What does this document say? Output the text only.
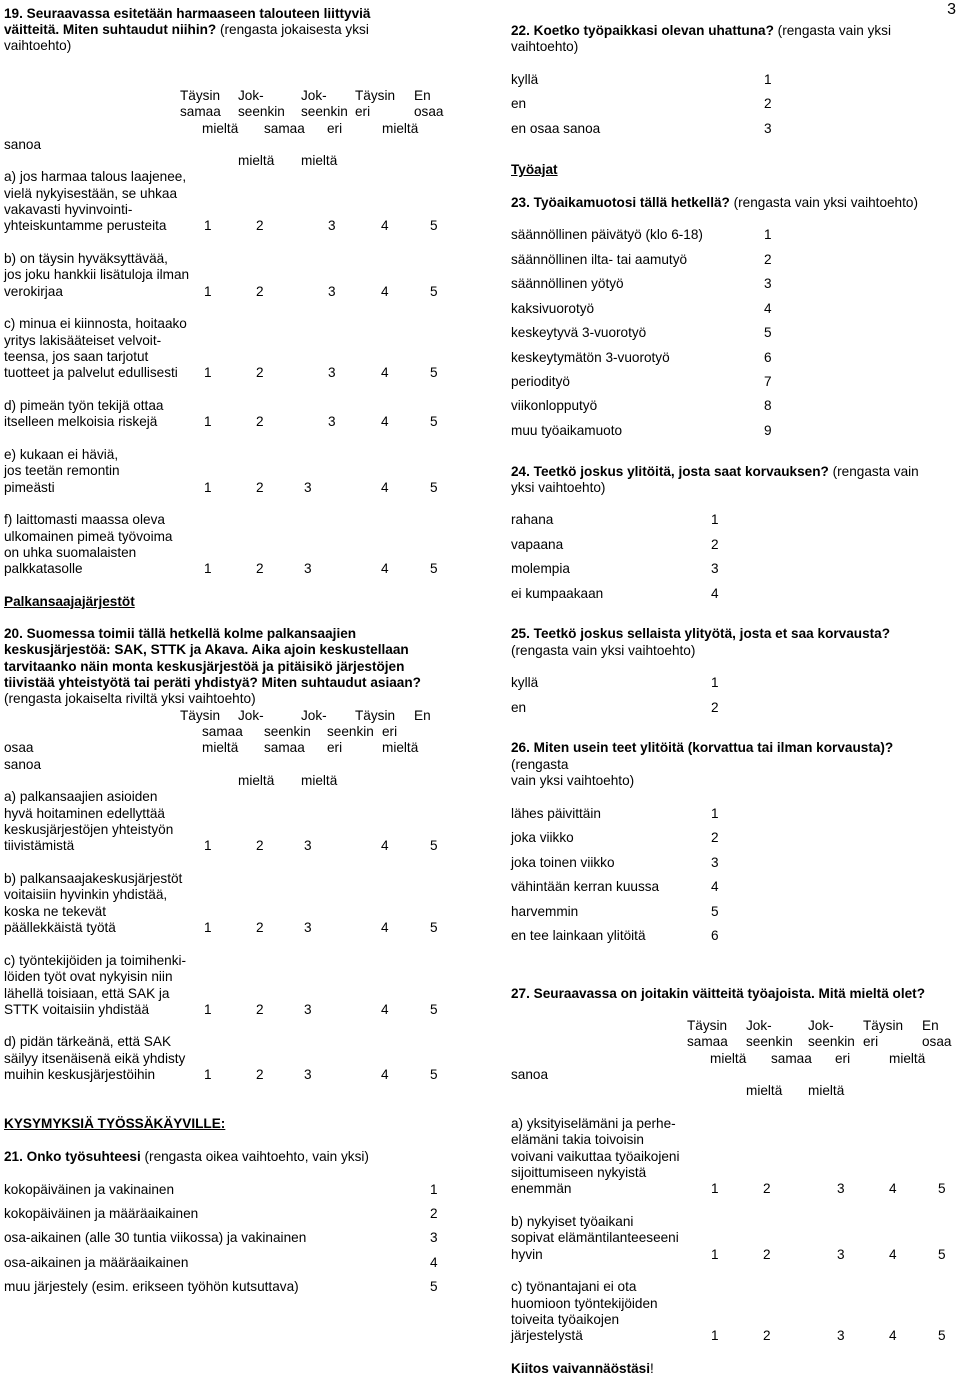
3
19. Seuraavassa esitetään harmaaseen talouteen liittyviä
väitteitä. Miten suhtaudut niihin? (rengasta jokaisesta yksi
vaihtoehto)
Täysin Jok-	Jok- Täysin En
samaa seenkin seenkin eri	osaa
mieltä samaa eri	mieltä
sanoa
mieltä mieltä
a) jos harmaa talous laajenee,
vielä nykyisestään, se uhkaa
vakavasti hyvinvointi-
yhteiskuntamme perusteita	1	2	3	4	5
b) on täysin hyväksyttävää,
jos joku hankkii lisätuloja ilman
verokirjaa	1	2	3	4	5
c) minua ei kiinnosta, hoitaako
yritys lakisääteiset velvoit-
teensa, jos saan tarjotut
tuotteet ja palvelut edullisesti 1	2	3	4	5
d) pimeän työn tekijä ottaa
itselleen melkoisia riskejä	1	2	3	4	5
e) kukaan ei häviä,
jos teetän remontin
pimeästi	1	2	3	4	5
f) laittomasti maassa oleva
ulkomainen pimeä työvoima
on uhka suomalaisten
palkkatasolle	1	2	3	4	5
Palkansaajajärjestöt
20. Suomessa toimii tällä hetkellä kolme palkansaajien
keskusjärjestöä: SAK, STTK ja Akava. Aika ajoin keskustellaan
tarvitaanko näin monta keskusjärjestöä ja pitäisikö järjestöjen
tiivistää yhteistyötä tai peräti yhdistyä? Miten suhtaudut asiaan?
(rengasta jokaiselta riviltä yksi vaihtoehto)
Täysin Jok-	Jok- Täysin En
samaa seenkin seenkin eri
osaa	mieltä samaa eri	mieltä
sanoa
mieltä mieltä
a) palkansaajien asioiden
hyvä hoitaminen edellyttää
keskusjärjestöjen yhteistyön
tiivistämistä	1	2	3	4	5
b) palkansaajakeskusjärjestöt
voitaisiin hyvinkin yhdistää,
koska ne tekevät
päällekkäistä työtä	1	2	3	4	5
c) työntekijöiden ja toimihenki-
löiden työt ovat nykyisin niin
lähellä toisiaan, että SAK ja
STTK voitaisiin yhdistää	1	2	3	4	5
d) pidän tärkeänä, että SAK
säilyy itsenäisenä eikä yhdisty
muihin keskusjärjestöihin	1	2	3	4	5
KYSYMYKSIÄ TYÖSSÄKÄYVILLE:
21. Onko työsuhteesi (rengasta oikea vaihtoehto, vain yksi)
kokopäiväinen ja vakinainen	1
kokopäiväinen ja määräaikainen	2
osa-aikainen (alle 30 tuntia viikossa) ja vakinainen	3
osa-aikainen ja määräaikainen	4
muu järjestely (esim. erikseen työhön kutsuttava)	5
22. Koetko työpaikkasi olevan uhattuna? (rengasta vain yksi
vaihtoehto)
kyllä	1
en	2
en osaa sanoa	3
Työajat
23. Työaikamuotosi tällä hetkellä? (rengasta vain yksi vaihtoehto)
säännöllinen päivätyö (klo 6-18)	1
säännöllinen ilta- tai aamutyö	2
säännöllinen yötyö	3
kaksivuorotyö	4
keskeytyvä 3-vuorotyö	5
keskeytymätön 3-vuorotyö	6
periodityö	7
viikonlopputyö	8
muu työaikamuoto	9
24. Teetkö joskus ylitöitä, josta saat korvauksen? (rengasta vain
yksi vaihtoehto)
rahana	1
vapaana	2
molempia	3
ei kumpaakaan	4
25. Teetkö joskus sellaista ylityötä, josta et saa korvausta?
(rengasta vain yksi vaihtoehto)
kyllä	1
en	2
26. Miten usein teet ylitöitä (korvattua tai ilman korvausta)?
(rengasta
vain yksi vaihtoehto)
lähes päivittäin	1
joka viikko	2
joka toinen viikko	3
vähintään kerran kuussa	4
harvemmin	5
en tee lainkaan ylitöitä	6
27. Seuraavassa on joitakin väitteitä työajoista. Mitä mieltä olet?
Täysin Jok-	Jok- Täysin En
samaa seenkin seenkin eri	osaa
mieltä samaa eri	mieltä
sanoa
mieltä mieltä
a) yksityiselämäni ja perhe-
elämäni takia toivoisin
voivani vaikuttaa työaikojeni
sijoittumiseen nykyistä
enemmän	1	2	3	4	5
b) nykyiset työaikani
sopivat elämäntilanteeseeni
hyvin	1	2	3	4	5
c) työnantajani ei ota
huomioon työntekijöiden
toiveita työaikojen
järjestelystä	1	2	3	4	5
Kiitos vaivannäöstäsi!
